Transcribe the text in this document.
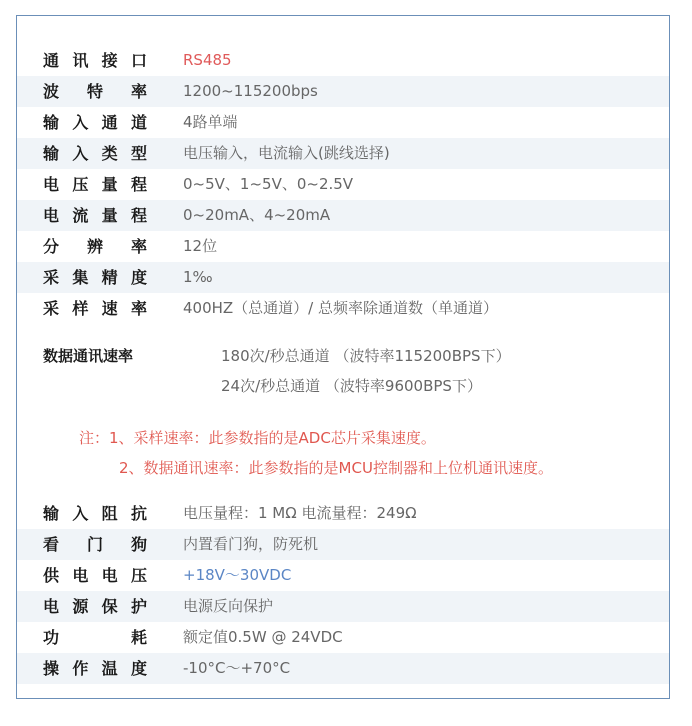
通 讯 接 口 RS485
波 特 率 1200~115200bps
输 入 通 道 4路单端
输 入 类 型 电压输入，电流输入(跳线选择)
电 压 量 程 0~5V、1~5V、0~2.5V
电 流 量 程 0~20mA、4~20mA
分 辨 率 12位
采 集 精 度 1‰
采 样 速 率 400HZ（总通道）/ 总频率除通道数（单通道）
数据通讯速率	180次/秒总通道 （波特率115200BPS下）
24次/秒总通道 （波特率9600BPS下）
注：1、采样速率：此参数指的是ADC芯片采集速度。
2、数据通讯速率：此参数指的是MCU控制器和上位机通讯速度。
输 入 阻 抗 电压量程：1 MΩ 电流量程：249Ω
看 门 狗 内置看门狗，防死机
供 电 电 压 +18V～30VDC
电 源 保 护 电源反向保护
功	耗 额定值0.5W @ 24VDC
操 作 温 度 -10°C～+70°C
